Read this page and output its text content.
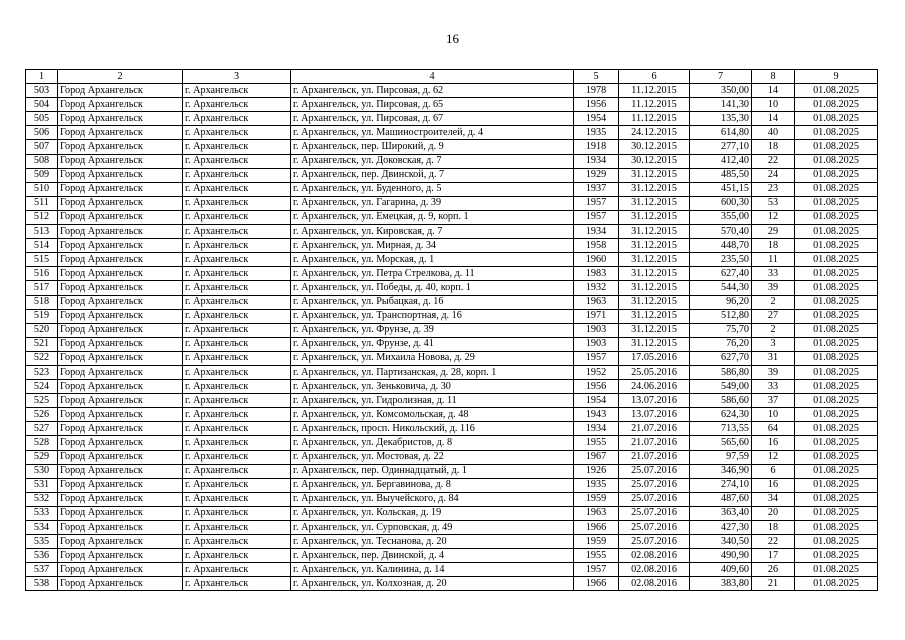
16
1	2	3	4	5	6	7	8	9
503	Город Архангельск	г. Архангельск	г. Архангельск, ул. Пирсовая, д. 62	1978	11.12.2015	350,00	14	01.08.2025
504	Город Архангельск	г. Архангельск	г. Архангельск, ул. Пирсовая, д. 65	1956	11.12.2015	141,30	10	01.08.2025
505	Город Архангельск	г. Архангельск	г. Архангельск, ул. Пирсовая, д. 67	1954	11.12.2015	135,30	14	01.08.2025
506	Город Архангельск	г. Архангельск	г. Архангельск, ул. Машиностроителей, д. 4	1935	24.12.2015	614,80	40	01.08.2025
507	Город Архангельск	г. Архангельск	г. Архангельск, пер. Широкий, д. 9	1918	30.12.2015	277,10	18	01.08.2025
508	Город Архангельск	г. Архангельск	г. Архангельск, ул. Доковская, д. 7	1934	30.12.2015	412,40	22	01.08.2025
509	Город Архангельск	г. Архангельск	г. Архангельск, пер. Двинской, д. 7	1929	31.12.2015	485,50	24	01.08.2025
510	Город Архангельск	г. Архангельск	г. Архангельск, ул. Буденного, д. 5	1937	31.12.2015	451,15	23	01.08.2025
511	Город Архангельск	г. Архангельск	г. Архангельск, ул. Гагарина, д. 39	1957	31.12.2015	600,30	53	01.08.2025
512	Город Архангельск	г. Архангельск	г. Архангельск, ул. Емецкая, д. 9, корп. 1	1957	31.12.2015	355,00	12	01.08.2025
513	Город Архангельск	г. Архангельск	г. Архангельск, ул. Кировская, д. 7	1934	31.12.2015	570,40	29	01.08.2025
514	Город Архангельск	г. Архангельск	г. Архангельск, ул. Мирная, д. 34	1958	31.12.2015	448,70	18	01.08.2025
515	Город Архангельск	г. Архангельск	г. Архангельск, ул. Морская, д. 1	1960	31.12.2015	235,50	11	01.08.2025
516	Город Архангельск	г. Архангельск	г. Архангельск, ул. Петра Стрелкова, д. 11	1983	31.12.2015	627,40	33	01.08.2025
517	Город Архангельск	г. Архангельск	г. Архангельск, ул. Победы, д. 40, корп. 1	1932	31.12.2015	544,30	39	01.08.2025
518	Город Архангельск	г. Архангельск	г. Архангельск, ул. Рыбацкая, д. 16	1963	31.12.2015	96,20	2	01.08.2025
519	Город Архангельск	г. Архангельск	г. Архангельск, ул. Транспортная, д. 16	1971	31.12.2015	512,80	27	01.08.2025
520	Город Архангельск	г. Архангельск	г. Архангельск, ул. Фрунзе, д. 39	1903	31.12.2015	75,70	2	01.08.2025
521	Город Архангельск	г. Архангельск	г. Архангельск, ул. Фрунзе, д. 41	1903	31.12.2015	76,20	3	01.08.2025
522	Город Архангельск	г. Архангельск	г. Архангельск, ул. Михаила Новова, д. 29	1957	17.05.2016	627,70	31	01.08.2025
523	Город Архангельск	г. Архангельск	г. Архангельск, ул. Партизанская, д. 28, корп. 1	1952	25.05.2016	586,80	39	01.08.2025
524	Город Архангельск	г. Архангельск	г. Архангельск, ул. Зеньковича, д. 30	1956	24.06.2016	549,00	33	01.08.2025
525	Город Архангельск	г. Архангельск	г. Архангельск, ул. Гидролизная, д. 11	1954	13.07.2016	586,60	37	01.08.2025
526	Город Архангельск	г. Архангельск	г. Архангельск, ул. Комсомольская, д. 48	1943	13.07.2016	624,30	10	01.08.2025
527	Город Архангельск	г. Архангельск	г. Архангельск, просп. Никольский, д. 116	1934	21.07.2016	713,55	64	01.08.2025
528	Город Архангельск	г. Архангельск	г. Архангельск, ул. Декабристов, д. 8	1955	21.07.2016	565,60	16	01.08.2025
529	Город Архангельск	г. Архангельск	г. Архангельск, ул. Мостовая, д. 22	1967	21.07.2016	97,59	12	01.08.2025
530	Город Архангельск	г. Архангельск	г. Архангельск, пер. Одиннадцатый, д. 1	1926	25.07.2016	346,90	6	01.08.2025
531	Город Архангельск	г. Архангельск	г. Архангельск, ул. Бергавинова, д. 8	1935	25.07.2016	274,10	16	01.08.2025
532	Город Архангельск	г. Архангельск	г. Архангельск, ул. Выучейского, д. 84	1959	25.07.2016	487,60	34	01.08.2025
533	Город Архангельск	г. Архангельск	г. Архангельск, ул. Кольская, д. 19	1963	25.07.2016	363,40	20	01.08.2025
534	Город Архангельск	г. Архангельск	г. Архангельск, ул. Сурповская, д. 49	1966	25.07.2016	427,30	18	01.08.2025
535	Город Архангельск	г. Архангельск	г. Архангельск, ул. Теснанова, д. 20	1959	25.07.2016	340,50	22	01.08.2025
536	Город Архангельск	г. Архангельск	г. Архангельск, пер. Двинской, д. 4	1955	02.08.2016	490,90	17	01.08.2025
537	Город Архангельск	г. Архангельск	г. Архангельск, ул. Калинина, д. 14	1957	02.08.2016	409,60	26	01.08.2025
538	Город Архангельск	г. Архангельск	г. Архангельск, ул. Колхозная, д. 20	1966	02.08.2016	383,80	21	01.08.2025
